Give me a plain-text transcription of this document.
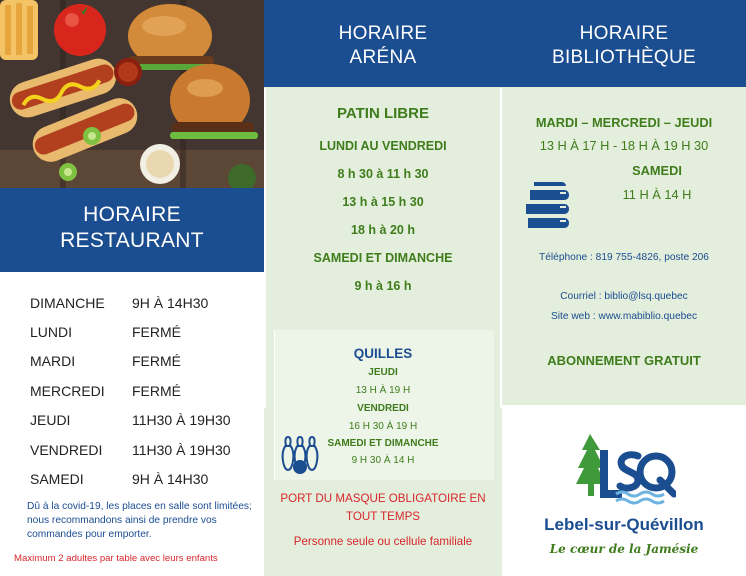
HORAIRE
RESTAURANT
DIMANCHE	9H À 14H30
LUNDI	FERMÉ
MARDI	FERMÉ
MERCREDI	FERMÉ
JEUDI	11H30 À 19H30
VENDREDI	11H30 À 19H30
SAMEDI	9H À 14H30
Dû à la covid-19, les places en salle sont limitées; nous recommandons ainsi de prendre vos commandes pour emporter.
Maximum 2 adultes par table avec leurs enfants
HORAIRE
ARÉNA
PATIN LIBRE
LUNDI AU VENDREDI
8 h 30 à 11 h 30
13 h à 15 h 30
18 h à 20 h
SAMEDI ET DIMANCHE
9 h à 16 h
QUILLES
JEUDI
13 H À 19 H
VENDREDI
16 H 30 À 19 H
SAMEDI ET DIMANCHE
9 H 30 À 14 H
PORT DU MASQUE OBLIGATOIRE EN TOUT TEMPS
Personne seule ou cellule familiale
HORAIRE
BIBLIOTHÈQUE
MARDI – MERCREDI – JEUDI
13 H À 17 H - 18 H À 19 H 30
SAMEDI
11 H À 14 H
Téléphone : 819 755-4826, poste 206
Courriel : biblio@lsq.quebec
Site web : www.mabiblio.quebec
ABONNEMENT GRATUIT
Lebel-sur-Quévillon
Le cœur de la Jamésie
